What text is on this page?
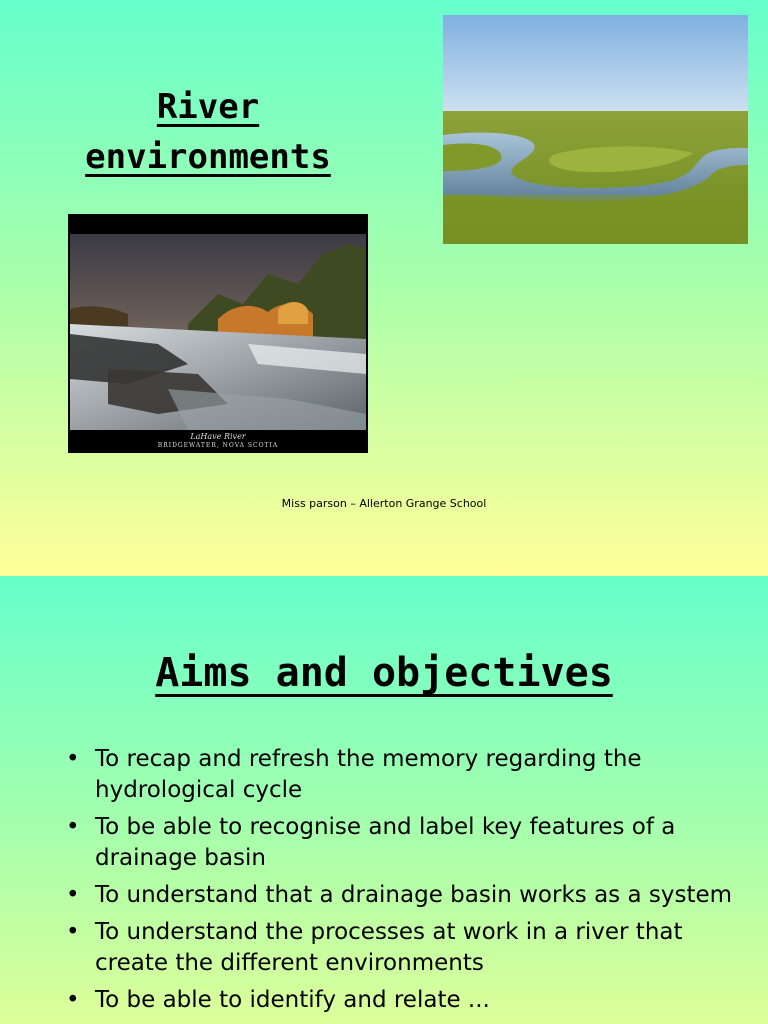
River
environments
LaHave River
BRIDGEWATER, NOVA SCOTIA
Miss parson – Allerton Grange School
Aims and objectives
• To recap and refresh the memory regarding the hydrological cycle
• To be able to recognise and label key features of a drainage basin
• To understand that a drainage basin works as a system
• To understand the processes at work in a river that create the different environments
• To be able to identify and relate ...
